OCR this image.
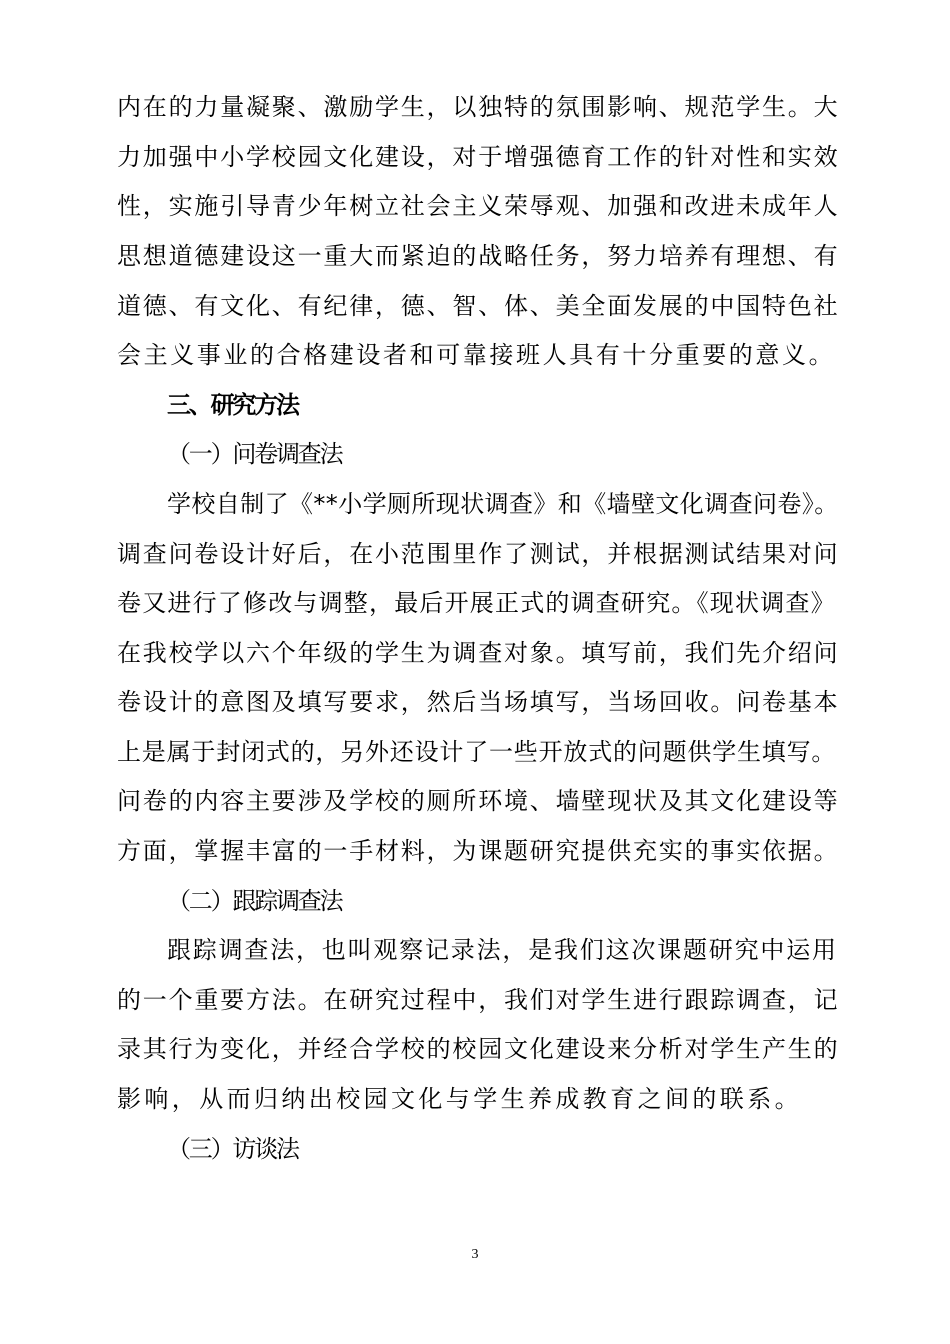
内在的力量凝聚、激励学生，以独特的氛围影响、规范学生。大
力加强中小学校园文化建设，对于增强德育工作的针对性和实效
性，实施引导青少年树立社会主义荣辱观、加强和改进未成年人
思想道德建设这一重大而紧迫的战略任务，努力培养有理想、有
道德、有文化、有纪律，德、智、体、美全面发展的中国特色社
会主义事业的合格建设者和可靠接班人具有十分重要的意义。
三、研究方法
（一）问卷调查法
学校自制了《**小学厕所现状调查》和《墙壁文化调查问卷》。
调查问卷设计好后，在小范围里作了测试，并根据测试结果对问
卷又进行了修改与调整，最后开展正式的调查研究。《现状调查》
在我校学以六个年级的学生为调查对象。填写前，我们先介绍问
卷设计的意图及填写要求，然后当场填写，当场回收。问卷基本
上是属于封闭式的，另外还设计了一些开放式的问题供学生填写。
问卷的内容主要涉及学校的厕所环境、墙壁现状及其文化建设等
方面，掌握丰富的一手材料，为课题研究提供充实的事实依据。
（二）跟踪调查法
跟踪调查法，也叫观察记录法，是我们这次课题研究中运用
的一个重要方法。在研究过程中，我们对学生进行跟踪调查，记
录其行为变化，并经合学校的校园文化建设来分析对学生产生的
影响，从而归纳出校园文化与学生养成教育之间的联系。
（三）访谈法
3
